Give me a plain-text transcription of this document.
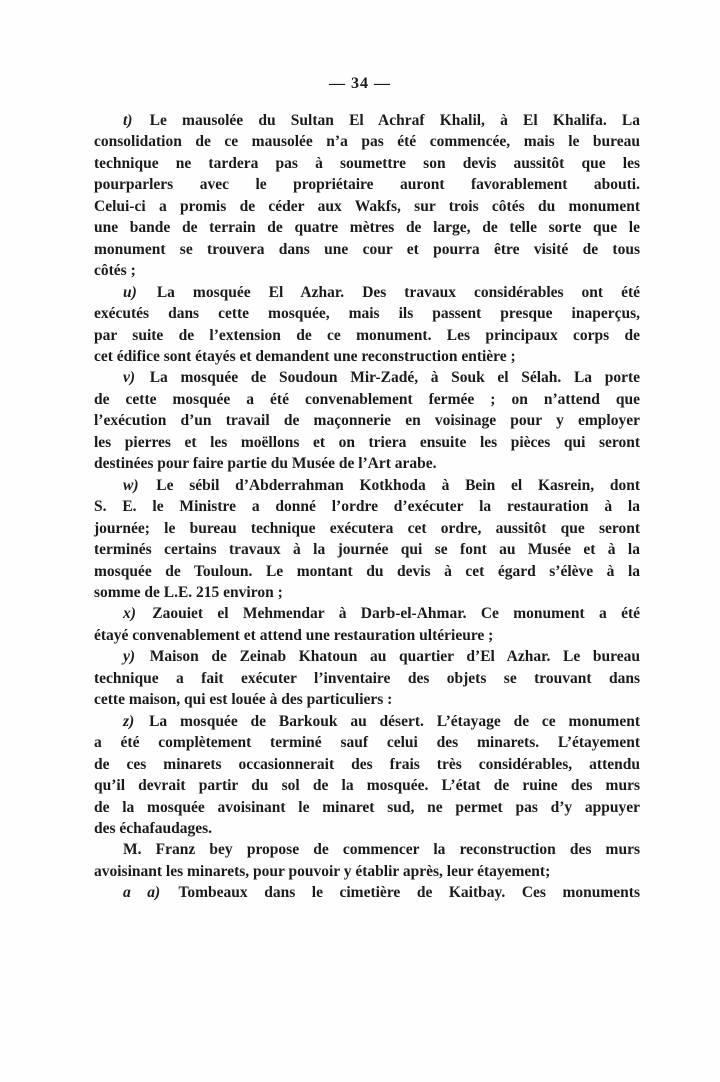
— 34 —
t) Le mausolée du Sultan El Achraf Khalil, à El Khalifa. La
consolidation de ce mausolée n’a pas été commencée, mais le bureau
technique ne tardera pas à soumettre son devis aussitôt que les
pourparlers avec le propriétaire auront favorablement abouti.
Celui-ci a promis de céder aux Wakfs, sur trois côtés du monument
une bande de terrain de quatre mètres de large, de telle sorte que le
monument se trouvera dans une cour et pourra être visité de tous
côtés ;
u) La mosquée El Azhar. Des travaux considérables ont été
exécutés dans cette mosquée, mais ils passent presque inaperçus,
par suite de l’extension de ce monument. Les principaux corps de
cet édifice sont étayés et demandent une reconstruction entière ;
v) La mosquée de Soudoun Mir-Zadé, à Souk el Sélah. La porte
de cette mosquée a été convenablement fermée ; on n’attend que
l’exécution d’un travail de maçonnerie en voisinage pour y employer
les pierres et les moëllons et on triera ensuite les pièces qui seront
destinées pour faire partie du Musée de l’Art arabe.
w) Le sébil d’Abderrahman Kotkhoda à Bein el Kasrein, dont
S. E. le Ministre a donné l’ordre d’exécuter la restauration à la
journée; le bureau technique exécutera cet ordre, aussitôt que seront
terminés certains travaux à la journée qui se font au Musée et à la
mosquée de Touloun. Le montant du devis à cet égard s’élève à la
somme de L.E. 215 environ ;
x) Zaouiet el Mehmendar à Darb-el-Ahmar. Ce monument a été
étayé convenablement et attend une restauration ultérieure ;
y) Maison de Zeinab Khatoun au quartier d’El Azhar. Le bureau
technique a fait exécuter l’inventaire des objets se trouvant dans
cette maison, qui est louée à des particuliers :
z) La mosquée de Barkouk au désert. L’étayage de ce monument
a été complètement terminé sauf celui des minarets. L’étayement
de ces minarets occasionnerait des frais très considérables, attendu
qu’il devrait partir du sol de la mosquée. L’état de ruine des murs
de la mosquée avoisinant le minaret sud, ne permet pas d’y appuyer
des échafaudages.
M. Franz bey propose de commencer la reconstruction des murs
avoisinant les minarets, pour pouvoir y établir après, leur étayement;
a a) Tombeaux dans le cimetière de Kaitbay. Ces monuments
